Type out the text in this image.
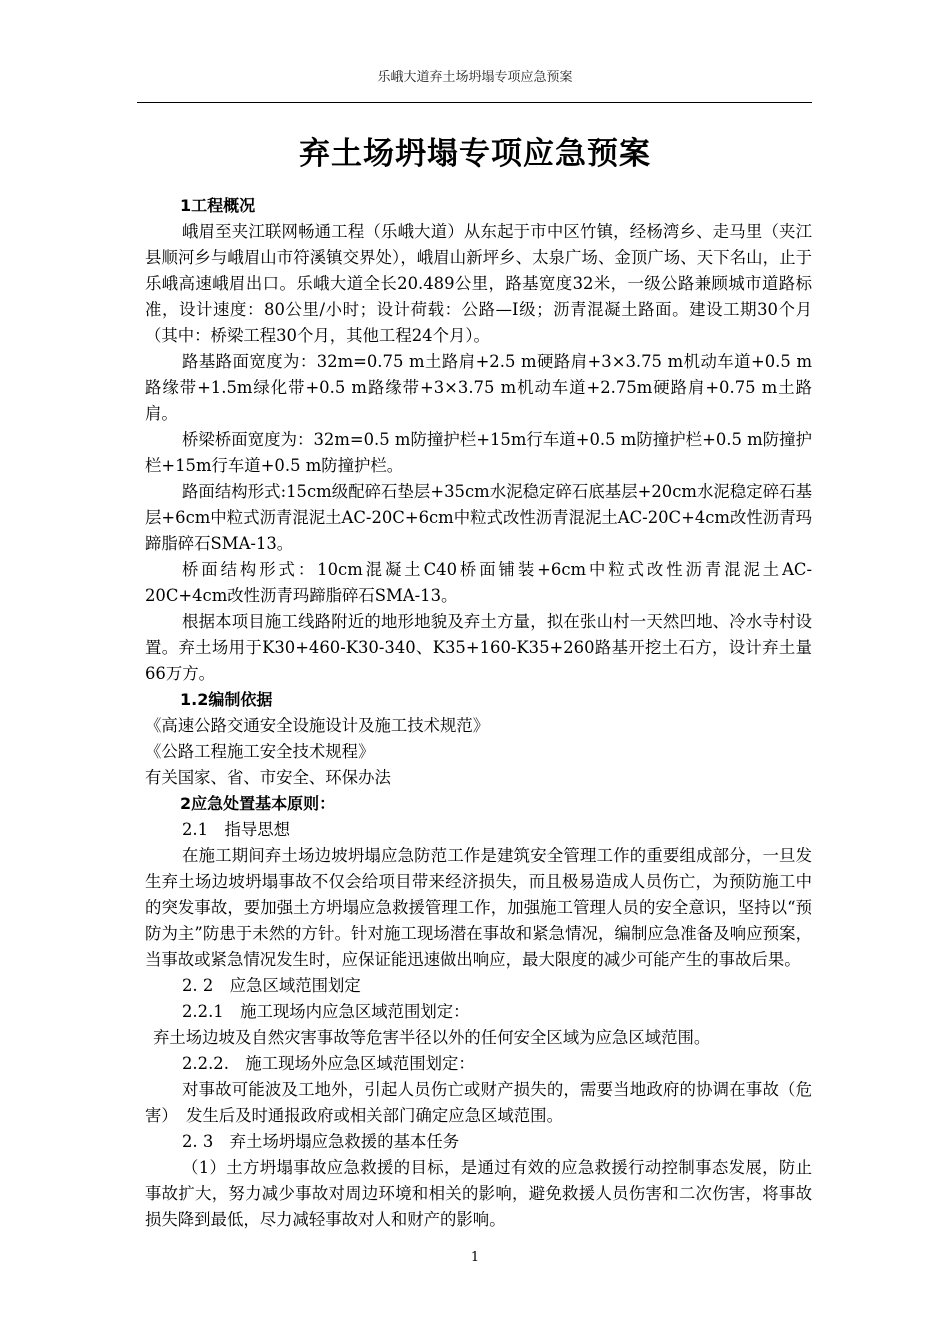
乐峨大道弃土场坍塌专项应急预案
弃土场坍塌专项应急预案

1工程概况

峨眉至夹江联网畅通工程（乐峨大道）从东起于市中区竹镇，经杨湾乡、走马里（夹江县顺河乡与峨眉山市符溪镇交界处），峨眉山新坪乡、太泉广场、金顶广场、天下名山，止于乐峨高速峨眉出口。乐峨大道全长20.489公里，路基宽度32米，一级公路兼顾城市道路标准，设计速度：80公里/小时；设计荷载：公路—I级；沥青混凝土路面。建设工期30个月（其中：桥梁工程30个月，其他工程24个月）。

路基路面宽度为：32m=0.75 m土路肩+2.5 m硬路肩+3×3.75 m机动车道+0.5 m路缘带+1.5m绿化带+0.5 m路缘带+3×3.75 m机动车道+2.75m硬路肩+0.75 m土路肩。

桥梁桥面宽度为：32m=0.5 m防撞护栏+15m行车道+0.5 m防撞护栏+0.5 m防撞护栏+15m行车道+0.5 m防撞护栏。

路面结构形式:15cm级配碎石垫层+35cm水泥稳定碎石底基层+20cm水泥稳定碎石基层+6cm中粒式沥青混泥土AC-20C+6cm中粒式改性沥青混泥土AC-20C+4cm改性沥青玛蹄脂碎石SMA-13。

桥面结构形式：10cm混凝土C40桥面铺装+6cm中粒式改性沥青混泥土AC-20C+4cm改性沥青玛蹄脂碎石SMA-13。

根据本项目施工线路附近的地形地貌及弃土方量，拟在张山村一天然凹地、冷水寺村设置。弃土场用于K30+460-K30-340、K35+160-K35+260路基开挖土石方，设计弃土量66万方。

1.2编制依据

《高速公路交通安全设施设计及施工技术规范》

《公路工程施工安全技术规程》

有关国家、省、市安全、环保办法

2应急处置基本原则：

2.1　指导思想

在施工期间弃土场边坡坍塌应急防范工作是建筑安全管理工作的重要组成部分，一旦发生弃土场边坡坍塌事故不仅会给项目带来经济损失，而且极易造成人员伤亡，为预防施工中的突发事故，要加强土方坍塌应急救援管理工作，加强施工管理人员的安全意识，坚持以“预防为主”防患于未然的方针。针对施工现场潜在事故和紧急情况，编制应急准备及响应预案，当事故或紧急情况发生时，应保证能迅速做出响应，最大限度的减少可能产生的事故后果。

2. 2　应急区域范围划定

2.2.1　施工现场内应急区域范围划定：

弃土场边坡及自然灾害事故等危害半径以外的任何安全区域为应急区域范围。

2.2.2.　施工现场外应急区域范围划定：

对事故可能波及工地外，引起人员伤亡或财产损失的，需要当地政府的协调在事故（危害）　发生后及时通报政府或相关部门确定应急区域范围。

2. 3　弃土场坍塌应急救援的基本任务

（1）土方坍塌事故应急救援的目标，是通过有效的应急救援行动控制事态发展，防止事故扩大，努力减少事故对周边环境和相关的影响，避免救援人员伤害和二次伤害，将事故损失降到最低，尽力减轻事故对人和财产的影响。

1
